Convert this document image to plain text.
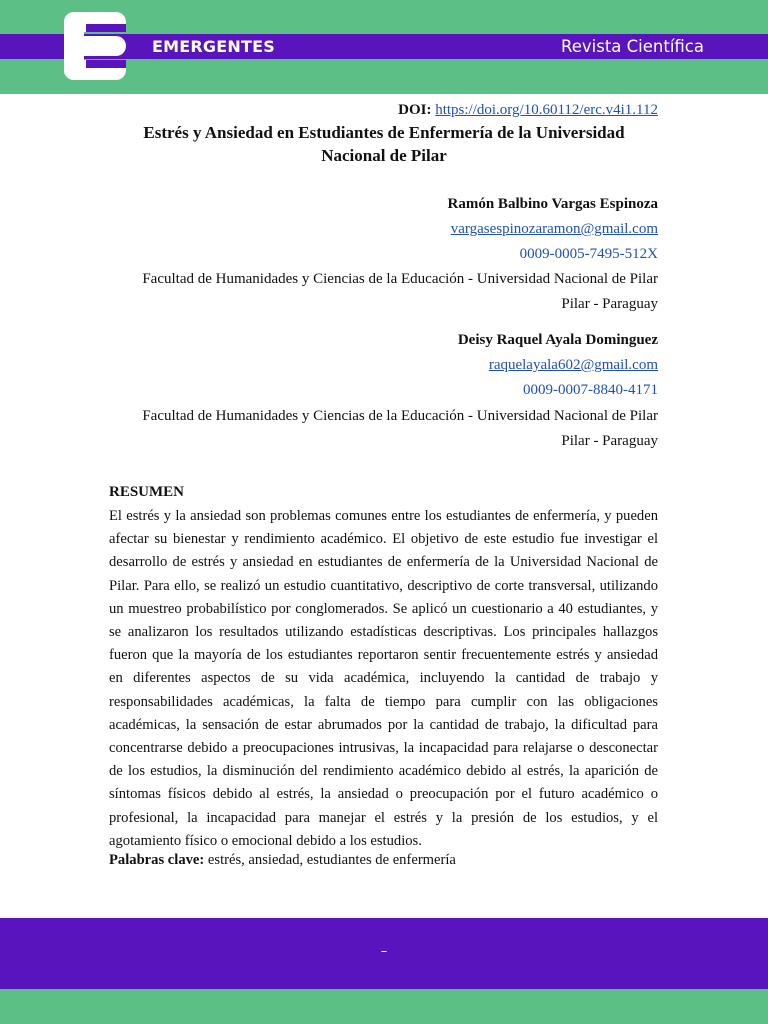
EMERGENTES	Revista Científica
DOI: https://doi.org/10.60112/erc.v4i1.112
Estrés y Ansiedad en Estudiantes de Enfermería de la Universidad Nacional de Pilar
Ramón Balbino Vargas Espinoza
vargasespinozaramon@gmail.com
0009-0005-7495-512X
Facultad de Humanidades y Ciencias de la Educación - Universidad Nacional de Pilar
Pilar - Paraguay
Deisy Raquel Ayala Dominguez
raquelayala602@gmail.com
0009-0007-8840-4171
Facultad de Humanidades y Ciencias de la Educación - Universidad Nacional de Pilar
Pilar - Paraguay
RESUMEN
El estrés y la ansiedad son problemas comunes entre los estudiantes de enfermería, y pueden afectar su bienestar y rendimiento académico. El objetivo de este estudio fue investigar el desarrollo de estrés y ansiedad en estudiantes de enfermería de la Universidad Nacional de Pilar. Para ello, se realizó un estudio cuantitativo, descriptivo de corte transversal, utilizando un muestreo probabilístico por conglomerados. Se aplicó un cuestionario a 40 estudiantes, y se analizaron los resultados utilizando estadísticas descriptivas. Los principales hallazgos fueron que la mayoría de los estudiantes reportaron sentir frecuentemente estrés y ansiedad en diferentes aspectos de su vida académica, incluyendo la cantidad de trabajo y responsabilidades académicas, la falta de tiempo para cumplir con las obligaciones académicas, la sensación de estar abrumados por la cantidad de trabajo, la dificultad para concentrarse debido a preocupaciones intrusivas, la incapacidad para relajarse o desconectar de los estudios, la disminución del rendimiento académico debido al estrés, la aparición de síntomas físicos debido al estrés, la ansiedad o preocupación por el futuro académico o profesional, la incapacidad para manejar el estrés y la presión de los estudios, y el agotamiento físico o emocional debido a los estudios.
Palabras clave: estrés, ansiedad, estudiantes de enfermería
–
